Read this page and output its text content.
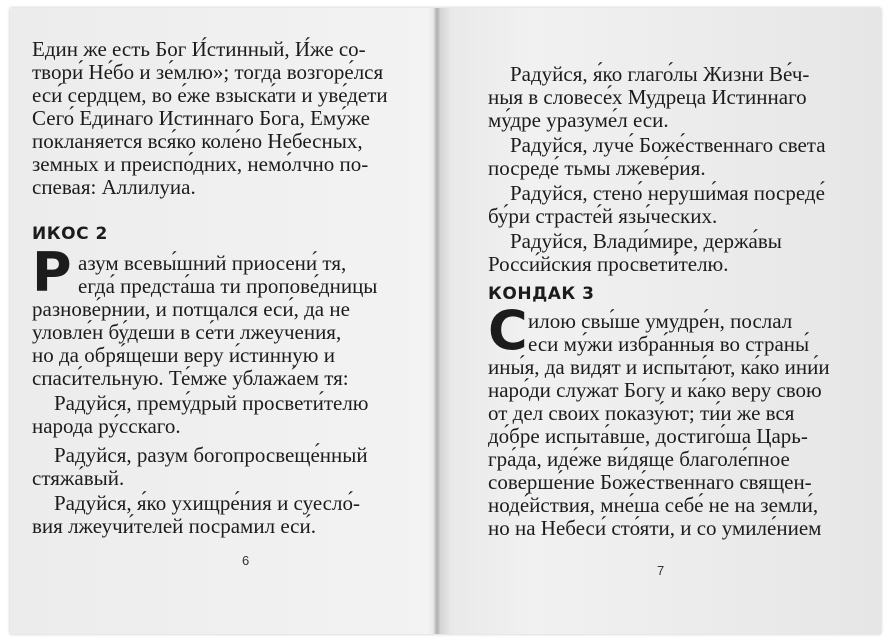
Един же есть Бог И́стинный, И́же со-
твори́ Не́бо и зе́млю»; тогда возгоре́лся
еси́ сердцем, во е́же взыска́ти и уве́дети
Сего́ Единаго Истиннаго Бога, Ему́же
покланяется вся́ко коле́но Небесных,
земных и преиспо́дних, немо́лчно по-
спевая: Аллилуиа.
ИКОС 2
Р азум всевы́шний приосени́ тя,
егда́ предста́ша ти пропове́дницы
разнове́рнии, и потщался еси́, да не
уловле́н бу́деши в се́ти лжеучения,
но да обря́щеши веру и́стинную и
спаси́тельную. Те́мже ублажа́ем тя:
Радуйся, прему́дрый просвети́телю
народа ру́сскаго.
Радуйся, разум богопросвеще́нный
стяжа́вый.
Радуйся, я́ко ухищре́ния и суесло́-
вия лжеучи́телей посрамил еси́.
6
Радуйся, я́ко глаго́лы Жизни Ве́ч-
ныя в словесе́х Мудреца Истиннаго
му́дре уразуме́л еси.
Радуйся, луче́ Боже́ственнаго света
посреде́ тьмы лжеве́рия.
Радуйся, стено́ неруши́мая посреде́
бу́ри страсте́й язы́ческих.
Радуйся, Влади́мире, держа́вы
Росси́йския просвети́телю.
КОНДАК 3
С илою свы́ше умудре́н, послал
еси му́жи избра́нныя во страны́
ины́я, да видят и испыта́ют, ка́ко ини́и
наро́ди служат Богу и ка́ко веру свою
от дел своих показу́ют; ти́и же вся
до́бре испыта́вше, достиго́ша Царь-
гра́да, иде́же ви́дяще благоле́пное
соверше́ние Боже́ственнаго священ-
ноде́йствия, мне́ша себе́ не на земли́,
но на Небеси́ сто́яти, и со умиле́нием
7
